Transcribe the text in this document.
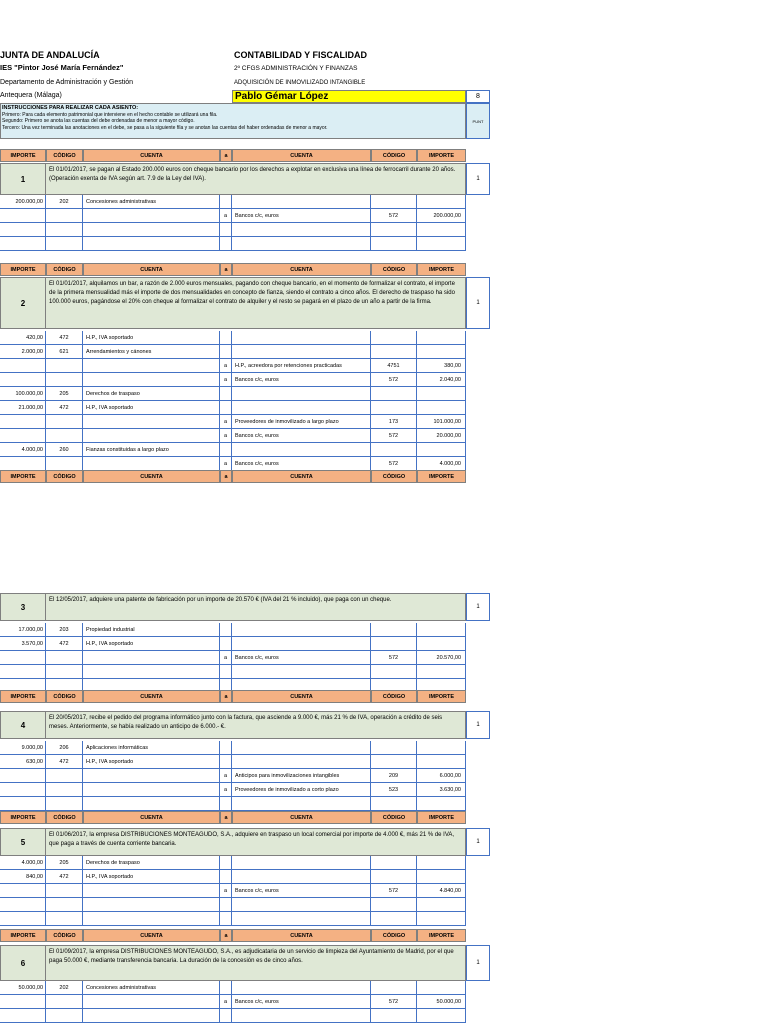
JUNTA DE ANDALUCÍA
IES "Pintor José María Fernández"
Departamento de Administración y Gestión
Antequera (Málaga)
CONTABILIDAD Y FISCALIDAD
2º CFGS ADMINISTRACIÓN Y FINANZAS
ADQUISICIÓN DE INMOVILIZADO INTANGIBLE
Pablo Gémar López	8
INSTRUCCIONES PARA REALIZAR CADA ASIENTO:
Primero: Para cada elemento patrimonial que interviene en el hecho contable se utilizará una fila.
Segundo: Primero se anota las cuentas del debe ordenadas de menor a mayor código.
Tercero: Una vez terminada las anotaciones en el debe, se pasa a la siguiente fila y se anotan las cuentas del haber ordenadas de menor a mayor.
PUNT
IMPORTE	CÓDIGO	CUENTA	a	CUENTA	CÓDIGO	IMPORTE
1
El 01/01/2017, se pagan al Estado 200.000 euros con cheque bancario por los derechos a explotar en exclusiva una línea de ferrocarril durante 20 años. (Operación exenta de IVA según art. 7.9 de la Ley del IVA).	1
200.000,00	202	Concesiones administrativas
a	Bancos c/c, euros	572	200.000,00
IMPORTE	CÓDIGO	CUENTA	a	CUENTA	CÓDIGO	IMPORTE
2
El 01/01/2017, alquilamos un bar, a razón de 2.000 euros mensuales, pagando con cheque bancario, en el momento de formalizar el contrato, el importe de la primera mensualidad más el importe de dos mensualidades en concepto de fianza, siendo el contrato a cinco años. El derecho de traspaso ha sido 100.000 euros, pagándose el 20% con cheque al formalizar el contrato de alquiler y el resto se pagará en el plazo de un año a partir de la firma.	1
420,00	472	H.P., IVA soportado
2.000,00	621	Arrendamientos y cánones
a	H.P., acreedora por retenciones practicadas	4751	380,00
a	Bancos c/c, euros	572	2.040,00
100.000,00	205	Derechos de traspaso
21.000,00	472	H.P., IVA soportado
a	Proveedores de inmovilizado a largo plazo	173	101.000,00
a	Bancos c/c, euros	572	20.000,00
4.000,00	260	Fianzas constituidas a largo plazo
a	Bancos c/c, euros	572	4.000,00
3
El 12/05/2017, adquiere una patente de fabricación por un importe de 20.570 € (IVA del 21 % incluido), que paga con un cheque.
1
17.000,00	203	Propiedad industrial
3.570,00	472	H.P., IVA soportado
a	Bancos c/c, euros	572	20.570,00
IMPORTE	CÓDIGO	CUENTA	a	CUENTA	CÓDIGO	IMPORTE
4
El 20/05/2017, recibe el pedido del programa informático junto con la factura, que asciende a 9.000 €, más 21 % de IVA, operación a crédito de seis meses. Anteriormente, se había realizado un anticipo de 6.000.- €.	1
9.000,00	206	Aplicaciones informáticas
630,00	472	H.P., IVA soportado
a	Anticipos para inmovilizaciones intangibles	209	6.000,00
a	Proveedores de inmovilizado a corto plazo	523	3.630,00
IMPORTE	CÓDIGO	CUENTA	a	CUENTA	CÓDIGO	IMPORTE
5
El 01/06/2017, la empresa DISTRIBUCIONES MONTEAGUDO, S.A., adquiere en traspaso un local comercial por importe de 4.000 €, más 21 % de IVA, que paga a través de cuenta corriente bancaria.	1
4.000,00	205	Derechos de traspaso
840,00	472	H.P., IVA soportado
a	Bancos c/c, euros	572	4.840,00
IMPORTE	CÓDIGO	CUENTA	a	CUENTA	CÓDIGO	IMPORTE
6
El 01/09/2017, la empresa DISTRIBUCIONES MONTEAGUDO, S.A., es adjudicataria de un servicio de limpieza del Ayuntamiento de Madrid, por el que paga 50.000 €, mediante transferencia bancaria. La duración de la concesión es de cinco años.	1
50.000,00	202	Concesiones administrativas
a	Bancos c/c, euros	572	50.000,00
IMPORTE	CÓDIGO	CUENTA	a	CUENTA	CÓDIGO	IMPORTE
